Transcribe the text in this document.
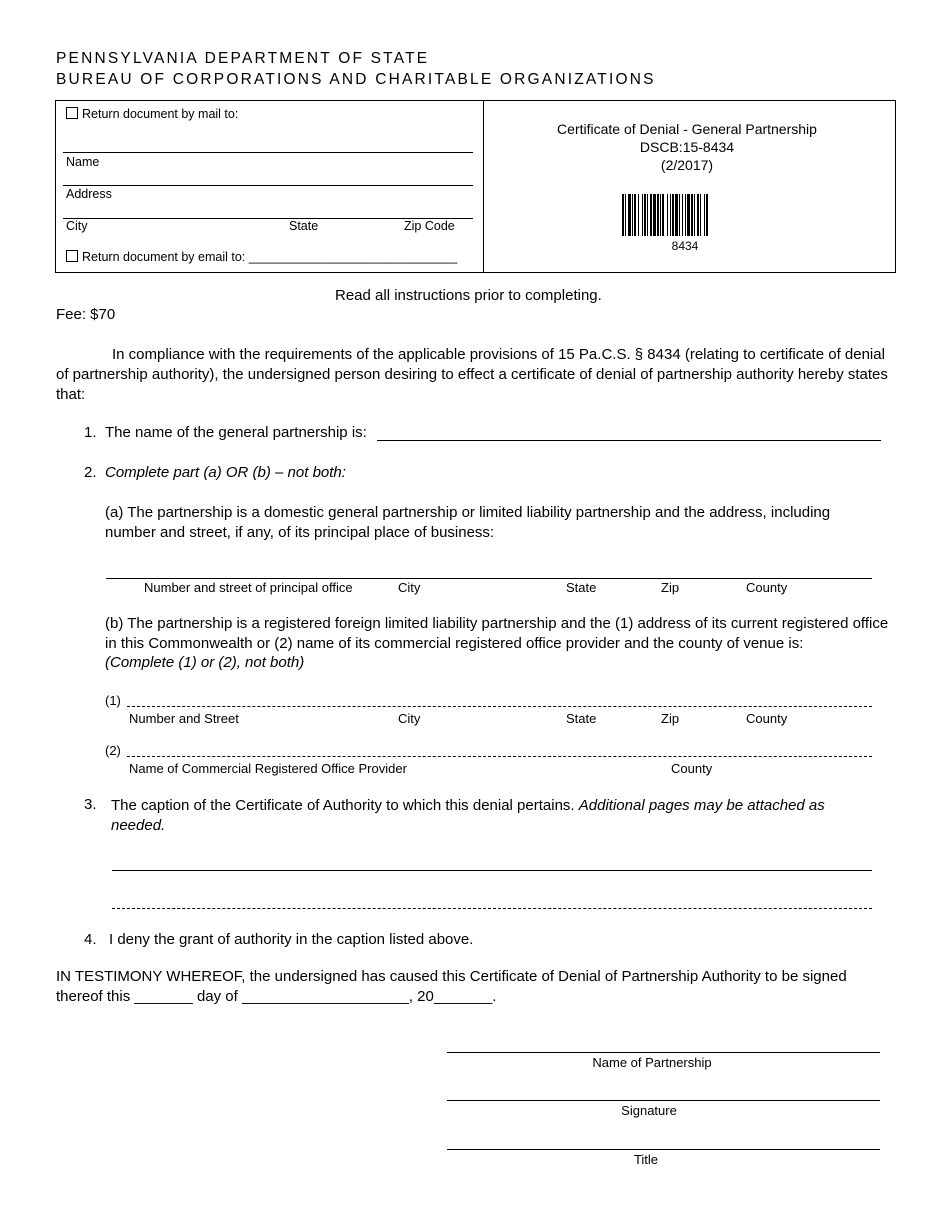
PENNSYLVANIA DEPARTMENT OF STATE
BUREAU OF CORPORATIONS AND CHARITABLE ORGANIZATIONS
Return document by mail to:
Name
Address
City	State	Zip Code
Return document by email to: ______________________________
Certificate of Denial - General Partnership
DSCB:15-8434
(2/2017)
8434
Read all instructions prior to completing.
Fee: $70
In compliance with the requirements of the applicable provisions of 15 Pa.C.S. § 8434 (relating to certificate of denial of partnership authority), the undersigned person desiring to effect a certificate of denial of partnership authority hereby states that:
1. The name of the general partnership is:
2. Complete part (a) OR (b) – not both:
(a) The partnership is a domestic general partnership or limited liability partnership and the address, including number and street, if any, of its principal place of business:
Number and street of principal office	City	State	Zip	County
(b) The partnership is a registered foreign limited liability partnership and the (1) address of its current registered office in this Commonwealth or (2) name of its commercial registered office provider and the county of venue is:
(Complete (1) or (2), not both)
(1)
Number and Street	City	State	Zip	County
(2)
Name of Commercial Registered Office Provider	County
3. The caption of the Certificate of Authority to which this denial pertains. Additional pages may be attached as needed.
4. I deny the grant of authority in the caption listed above.
IN TESTIMONY WHEREOF, the undersigned has caused this Certificate of Denial of Partnership Authority to be signed
thereof this _______ day of ____________________, 20_______.
Name of Partnership
Signature
Title
